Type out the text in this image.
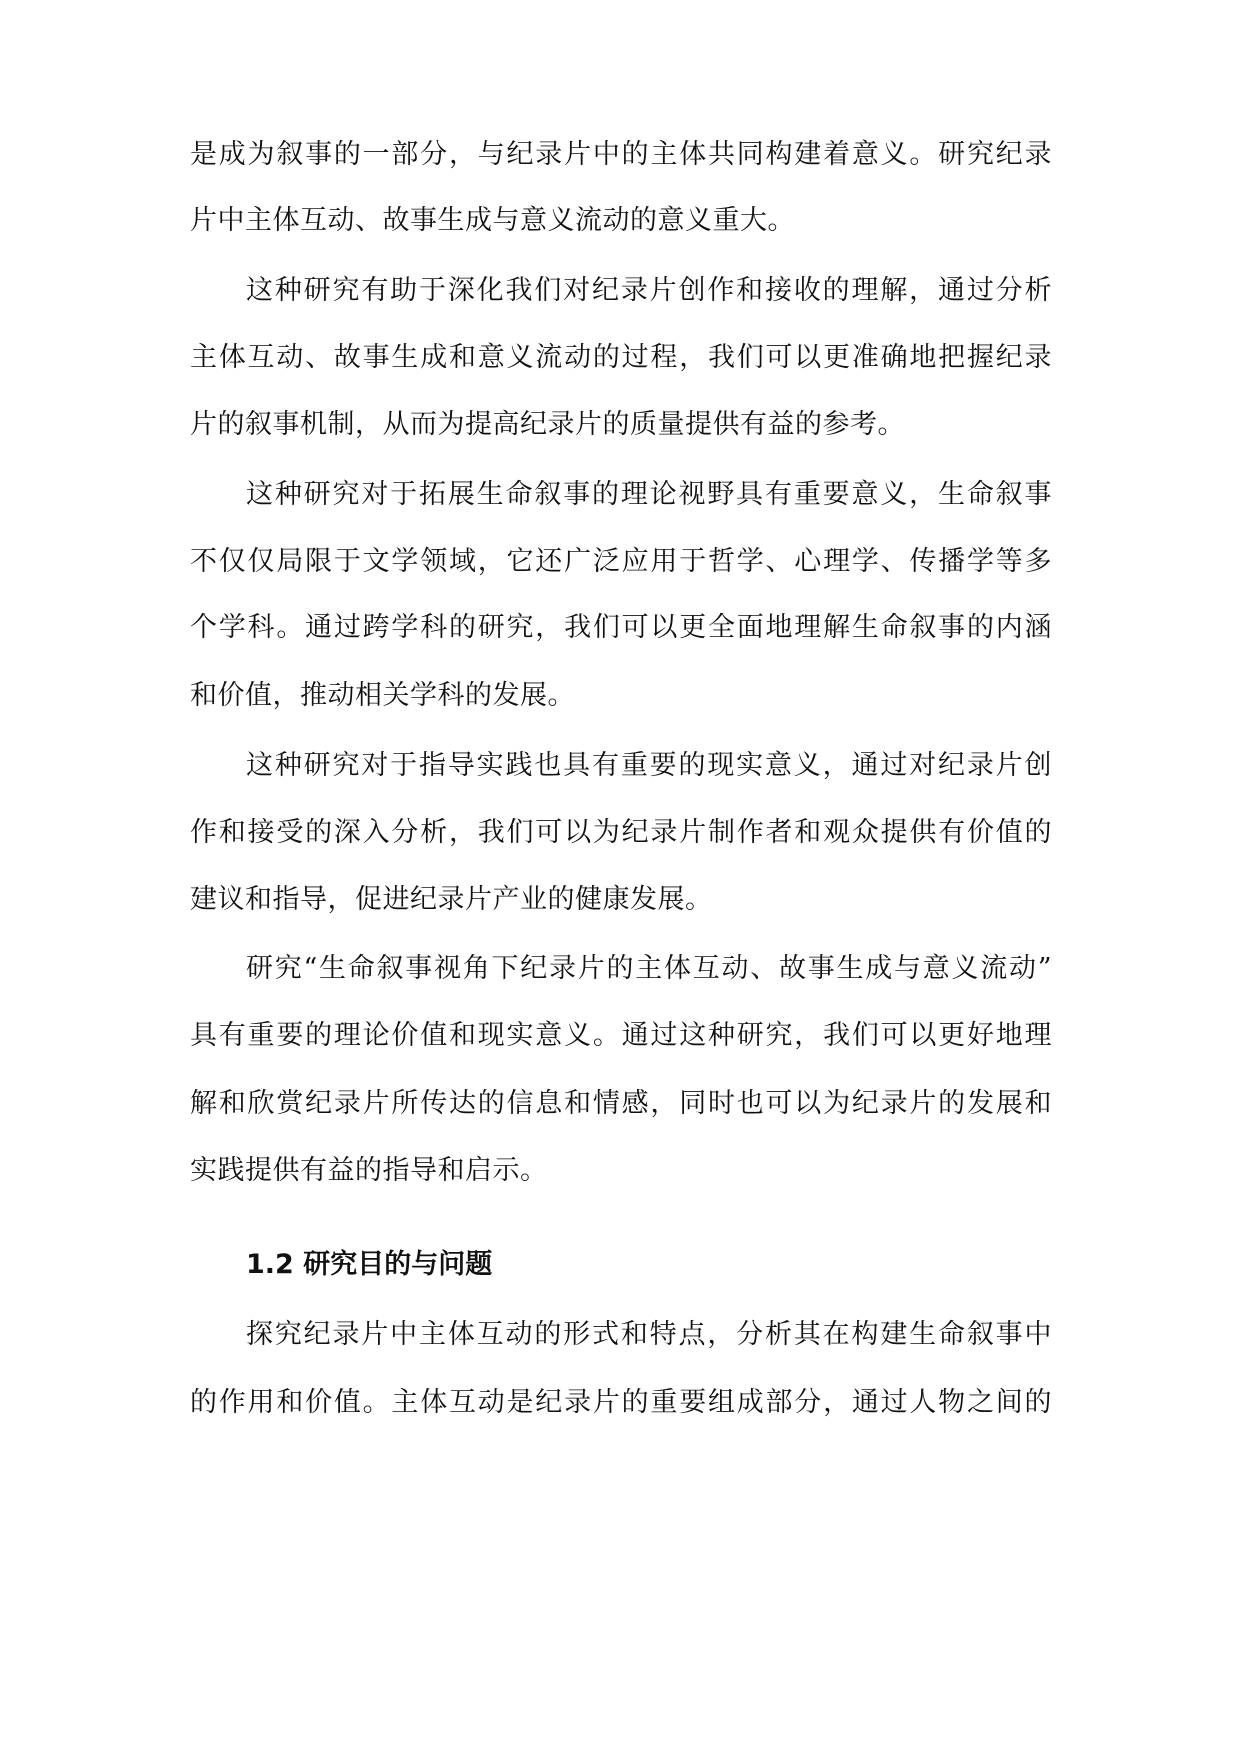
是成为叙事的一部分，与纪录片中的主体共同构建着意义。研究纪录
片中主体互动、故事生成与意义流动的意义重大。
这种研究有助于深化我们对纪录片创作和接收的理解，通过分析
主体互动、故事生成和意义流动的过程，我们可以更准确地把握纪录
片的叙事机制，从而为提高纪录片的质量提供有益的参考。
这种研究对于拓展生命叙事的理论视野具有重要意义，生命叙事
不仅仅局限于文学领域，它还广泛应用于哲学、心理学、传播学等多
个学科。通过跨学科的研究，我们可以更全面地理解生命叙事的内涵
和价值，推动相关学科的发展。
这种研究对于指导实践也具有重要的现实意义，通过对纪录片创
作和接受的深入分析，我们可以为纪录片制作者和观众提供有价值的
建议和指导，促进纪录片产业的健康发展。
研究“生命叙事视角下纪录片的主体互动、故事生成与意义流动”
具有重要的理论价值和现实意义。通过这种研究，我们可以更好地理
解和欣赏纪录片所传达的信息和情感，同时也可以为纪录片的发展和
实践提供有益的指导和启示。
1.2 研究目的与问题
探究纪录片中主体互动的形式和特点，分析其在构建生命叙事中
的作用和价值。主体互动是纪录片的重要组成部分，通过人物之间的
